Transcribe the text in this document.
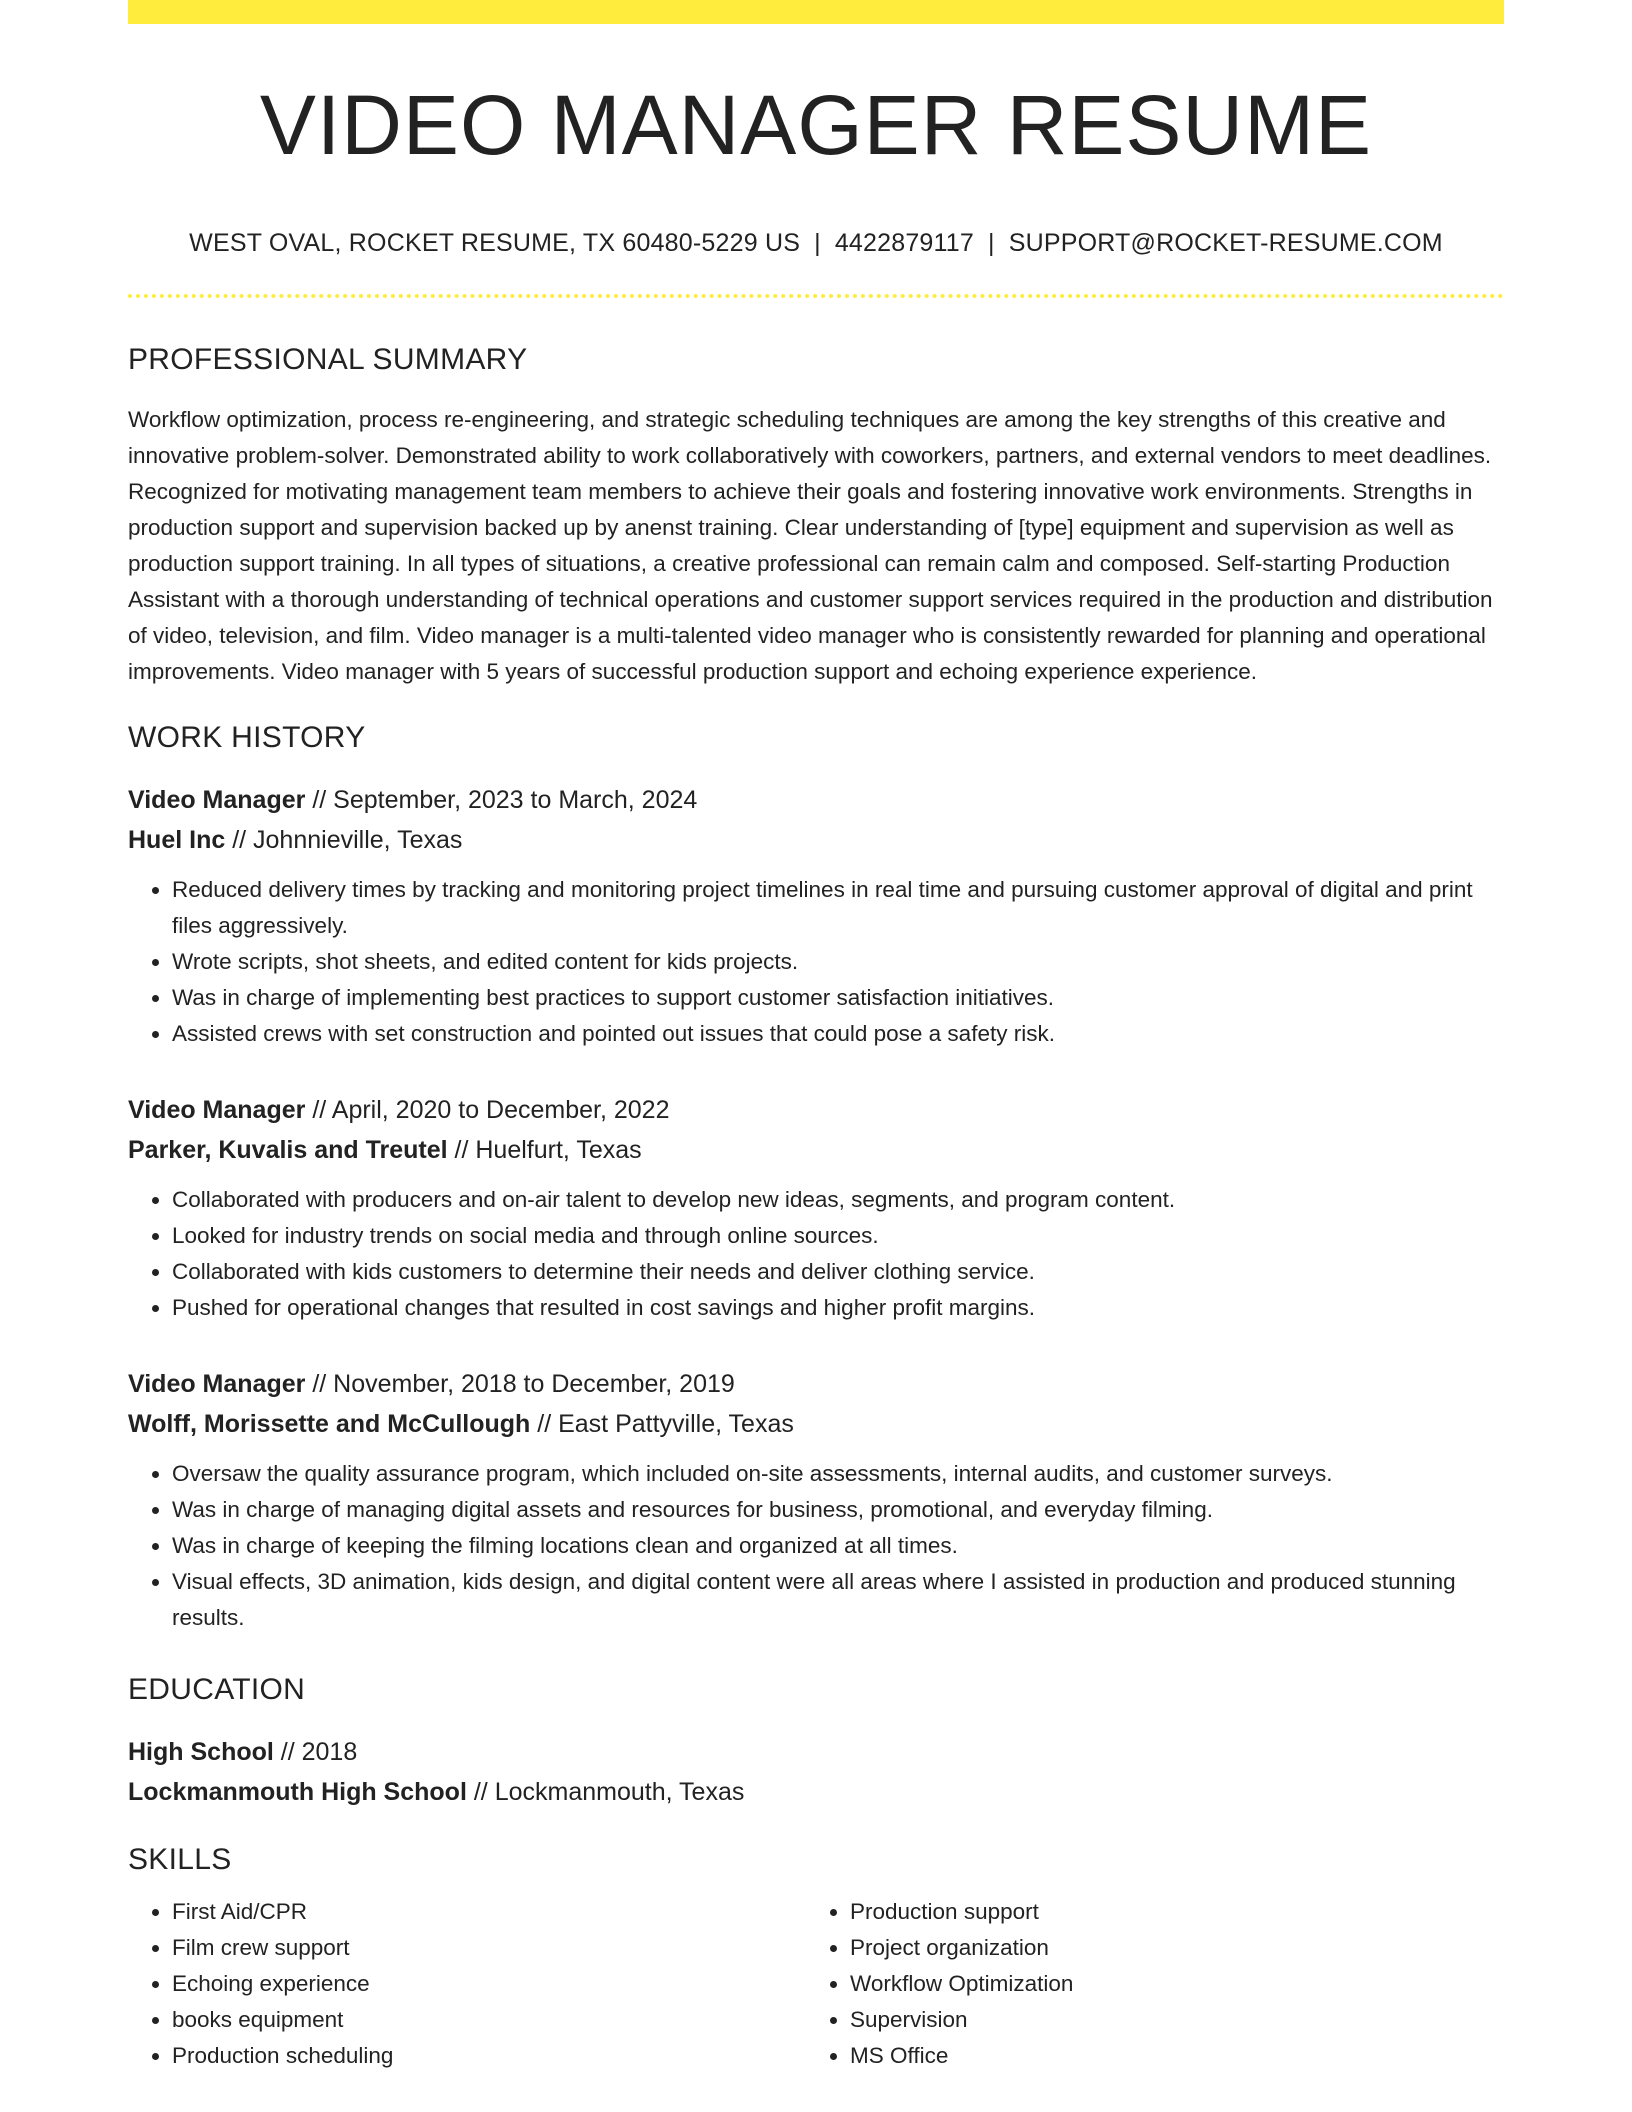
VIDEO MANAGER RESUME
WEST OVAL, ROCKET RESUME, TX 60480-5229 US | 4422879117 | SUPPORT@ROCKET-RESUME.COM
PROFESSIONAL SUMMARY

Workflow optimization, process re-engineering, and strategic scheduling techniques are among the key strengths of this creative and innovative problem-solver. Demonstrated ability to work collaboratively with coworkers, partners, and external vendors to meet deadlines. Recognized for motivating management team members to achieve their goals and fostering innovative work environments. Strengths in production support and supervision backed up by anenst training. Clear understanding of [type] equipment and supervision as well as production support training. In all types of situations, a creative professional can remain calm and composed. Self-starting Production Assistant with a thorough understanding of technical operations and customer support services required in the production and distribution of video, television, and film. Video manager is a multi-talented video manager who is consistently rewarded for planning and operational improvements. Video manager with 5 years of successful production support and echoing experience experience.

WORK HISTORY
Video Manager // September, 2023 to March, 2024
Huel Inc // Johnnieville, Texas
• Reduced delivery times by tracking and monitoring project timelines in real time and pursuing customer approval of digital and print files aggressively.
• Wrote scripts, shot sheets, and edited content for kids projects.
• Was in charge of implementing best practices to support customer satisfaction initiatives.
• Assisted crews with set construction and pointed out issues that could pose a safety risk.
Video Manager // April, 2020 to December, 2022
Parker, Kuvalis and Treutel // Huelfurt, Texas
• Collaborated with producers and on-air talent to develop new ideas, segments, and program content.
• Looked for industry trends on social media and through online sources.
• Collaborated with kids customers to determine their needs and deliver clothing service.
• Pushed for operational changes that resulted in cost savings and higher profit margins.
Video Manager // November, 2018 to December, 2019
Wolff, Morissette and McCullough // East Pattyville, Texas
• Oversaw the quality assurance program, which included on-site assessments, internal audits, and customer surveys.
• Was in charge of managing digital assets and resources for business, promotional, and everyday filming.
• Was in charge of keeping the filming locations clean and organized at all times.
• Visual effects, 3D animation, kids design, and digital content were all areas where I assisted in production and produced stunning results.
EDUCATION
High School // 2018
Lockmanmouth High School // Lockmanmouth, Texas
SKILLS
• First Aid/CPR
• Film crew support
• Echoing experience
• books equipment
• Production scheduling
• Production support
• Project organization
• Workflow Optimization
• Supervision
• MS Office
